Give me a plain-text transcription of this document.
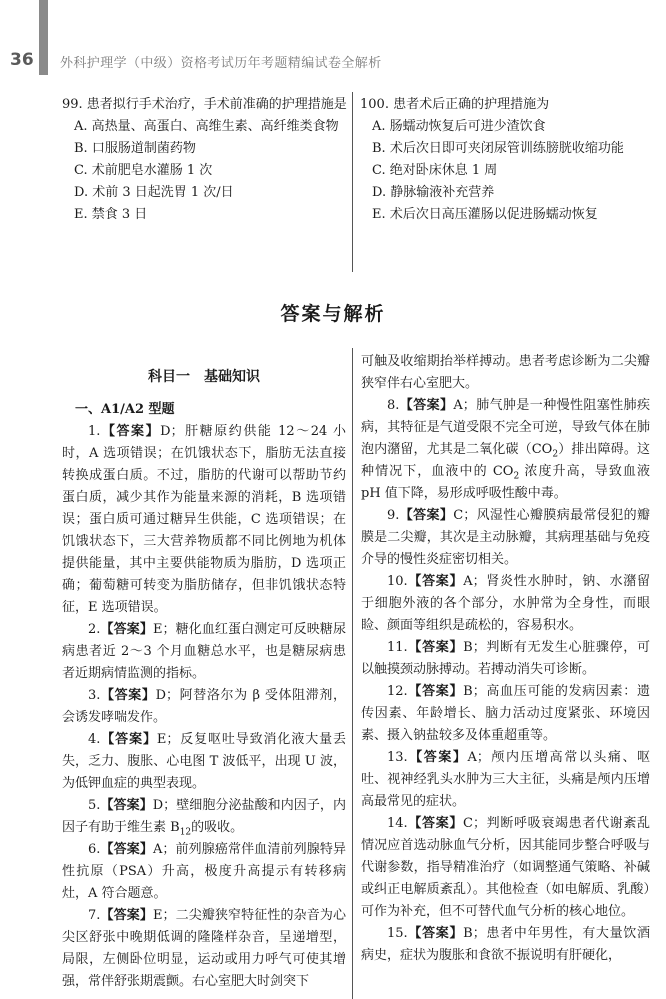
36 外科护理学（中级）资格考试历年考题精编试卷全解析
99. 患者拟行手术治疗，手术前准确的护理措施是
A. 高热量、高蛋白、高维生素、高纤维类食物
B. 口服肠道制菌药物
C. 术前肥皂水灌肠 1 次
D. 术前 3 日起洗胃 1 次/日
E. 禁食 3 日
100. 患者术后正确的护理措施为
A. 肠蠕动恢复后可进少渣饮食
B. 术后次日即可夹闭尿管训练膀胱收缩功能
C. 绝对卧床休息 1 周
D. 静脉输液补充营养
E. 术后次日高压灌肠以促进肠蠕动恢复
答案与解析
科目一　基础知识
一、A1/A2 型题

1.【答案】D；肝糖原约供能 12～24 小时，A 选项错误；在饥饿状态下，脂肪无法直接转换成蛋白质。不过，脂肪的代谢可以帮助节约蛋白质，减少其作为能量来源的消耗，B 选项错误；蛋白质可通过糖异生供能，C 选项错误；在饥饿状态下，三大营养物质都不同比例地为机体提供能量，其中主要供能物质为脂肪，D 选项正确；葡萄糖可转变为脂肪储存，但非饥饿状态特征，E 选项错误。

2.【答案】E；糖化血红蛋白测定可反映糖尿病患者近 2～3 个月血糖总水平，也是糖尿病患者近期病情监测的指标。

3.【答案】D；阿替洛尔为 β 受体阻滞剂，会诱发哮喘发作。

4.【答案】E；反复呕吐导致消化液大量丢失，乏力、腹胀、心电图 T 波低平，出现 U 波，为低钾血症的典型表现。

5.【答案】D；壁细胞分泌盐酸和内因子，内因子有助于维生素 $B_{12}$的吸收。

6.【答案】A；前列腺癌常伴血清前列腺特异性抗原（PSA）升高，极度升高提示有转移病灶，A 符合题意。

7.【答案】E；二尖瓣狭窄特征性的杂音为心尖区舒张中晚期低调的隆隆样杂音，呈递增型，局限，左侧卧位明显，运动或用力呼气可使其增强，常伴舒张期震颤。右心室肥大时剑突下

可触及收缩期抬举样搏动。患者考虑诊断为二尖瓣狭窄伴右心室肥大。

8.【答案】A；肺气肿是一种慢性阻塞性肺疾病，其特征是气道受限不完全可逆，导致气体在肺泡内潴留，尤其是二氧化碳$(CO_2)$排出障碍。这种情况下，血液中的 $CO_2$ 浓度升高，导致血液 pH 值下降，易形成呼吸性酸中毒。

9.【答案】C；风湿性心瓣膜病最常侵犯的瓣膜是二尖瓣，其次是主动脉瓣，其病理基础与免疫介导的慢性炎症密切相关。

10.【答案】A；肾炎性水肿时，钠、水潴留于细胞外液的各个部分，水肿常为全身性，而眼睑、颜面等组织是疏松的，容易积水。

11.【答案】B；判断有无发生心脏骤停，可以触摸颈动脉搏动。若搏动消失可诊断。

12.【答案】B；高血压可能的发病因素：遗传因素、年龄增长、脑力活动过度紧张、环境因素、摄入钠盐较多及体重超重等。

13.【答案】A；颅内压增高常以头痛、呕吐、视神经乳头水肿为三大主征，头痛是颅内压增高最常见的症状。

14.【答案】C；判断呼吸衰竭患者代谢紊乱情况应首选动脉血气分析，因其能同步整合呼吸与代谢参数，指导精准治疗（如调整通气策略、补碱或纠正电解质紊乱）。其他检查（如电解质、乳酸）可作为补充，但不可替代血气分析的核心地位。

15.【答案】B；患者中年男性，有大量饮酒病史，症状为腹胀和食欲不振说明有肝硬化，
